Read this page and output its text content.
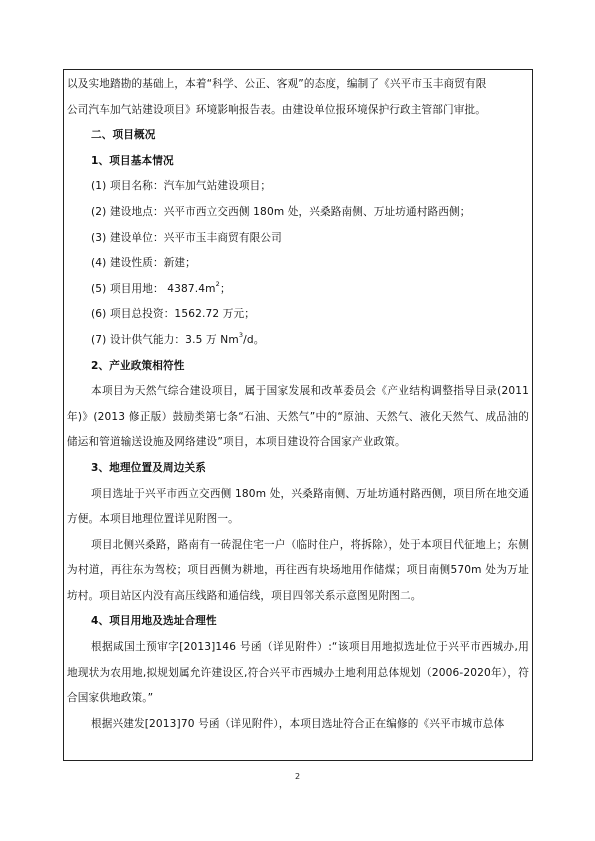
以及实地踏勘的基础上，本着“科学、公正、客观”的态度，编制了《兴平市玉丰商贸有限

公司汽车加气站建设项目》环境影响报告表。由建设单位报环境保护行政主管部门审批。

二、项目概况

1、项目基本情况

(1) 项目名称：汽车加气站建设项目；

(2) 建设地点：兴平市西立交西侧 180m 处，兴桑路南侧、万址坊通村路西侧；

(3) 建设单位：兴平市玉丰商贸有限公司

(4) 建设性质：新建；

(5) 项目用地： $4387.4m^2$；

(6) 项目总投资：1562.72 万元；

(7) 设计供气能力：3.5 万 Nm$^3$/d。

2、产业政策相符性

本项目为天然气综合建设项目，属于国家发展和改革委员会《产业结构调整指导目录(2011 年)》(2013 修正版）鼓励类第七条“石油、天然气”中的“原油、天然气、液化天然气、成品油的储运和管道输送设施及网络建设”项目，本项目建设符合国家产业政策。

3、地理位置及周边关系

项目选址于兴平市西立交西侧 180m 处，兴桑路南侧、万址坊通村路西侧，项目所在地交通方便。本项目地理位置详见附图一。

项目北侧兴桑路，路南有一砖混住宅一户（临时住户，将拆除），处于本项目代征地上；东侧为村道，再往东为驾校；项目西侧为耕地，再往西有块场地用作储煤；项目南侧570m 处为万址坊村。项目站区内没有高压线路和通信线，项目四邻关系示意图见附图二。

4、项目用地及选址合理性

根据咸国土预审字[2013]146 号函（详见附件）:“该项目用地拟选址位于兴平市西城办,用地现状为农用地,拟规划属允许建设区,符合兴平市西城办土地利用总体规划（2006-2020年），符合国家供地政策。”

根据兴建发[2013]70 号函（详见附件），本项目选址符合正在编修的《兴平市城市总体

2
